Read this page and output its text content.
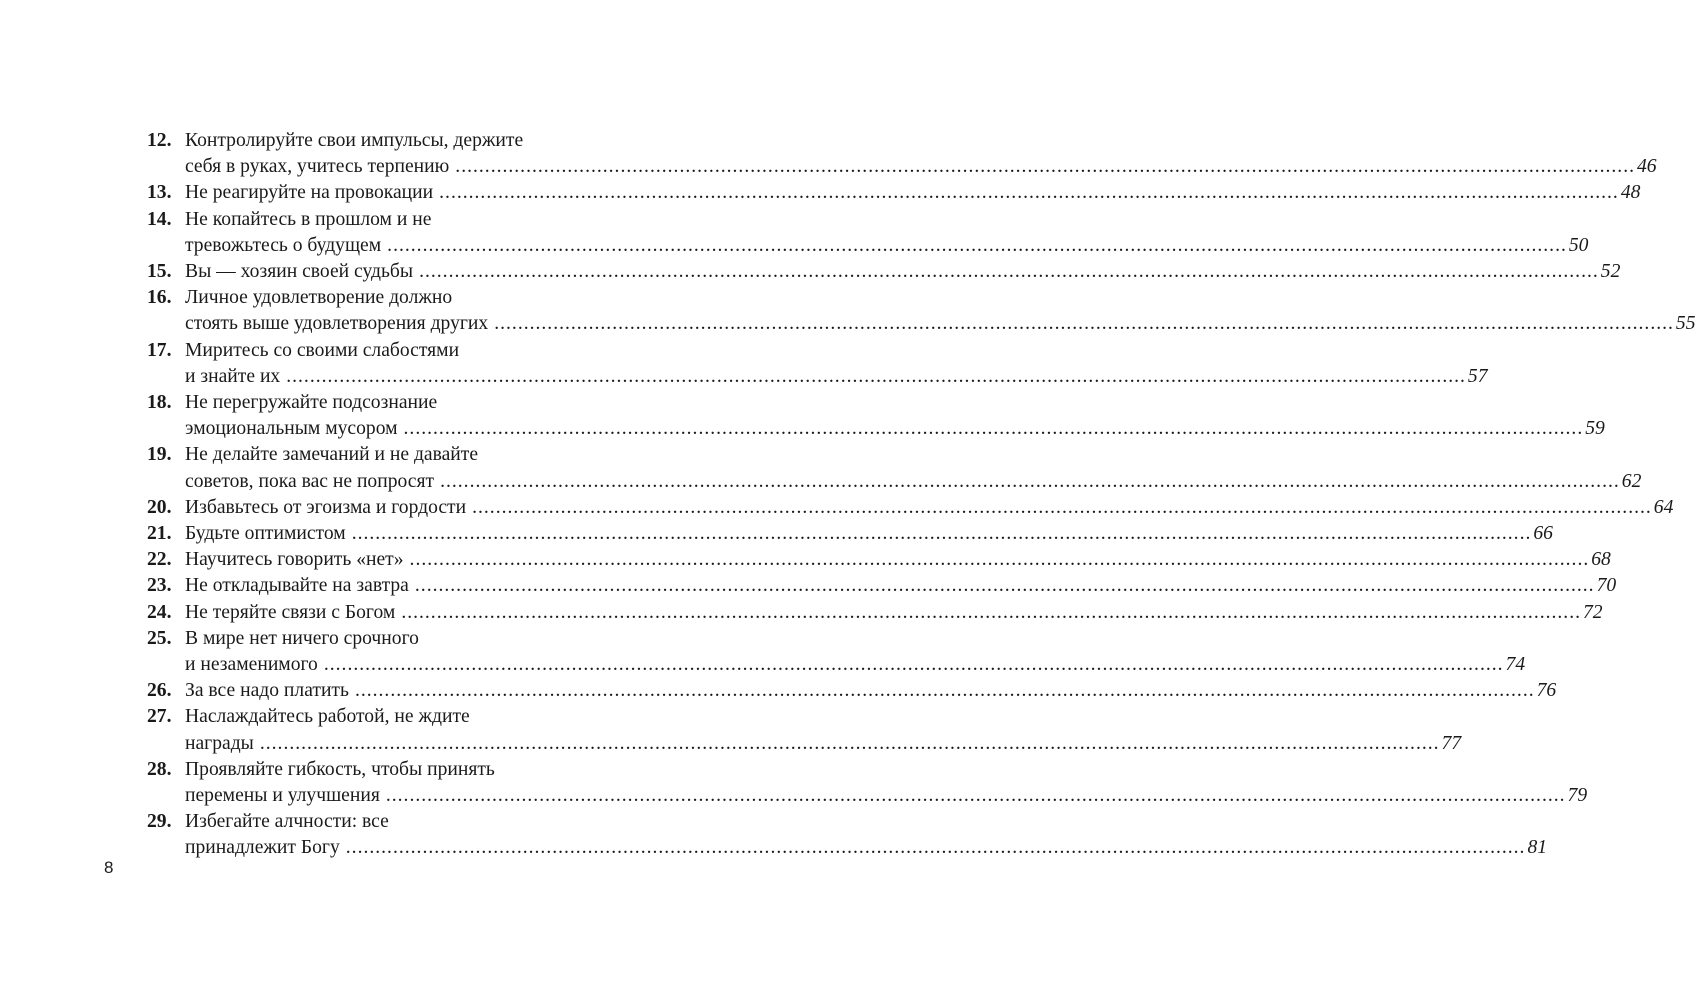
12. Контролируйте свои импульсы, держите
себя в руках, учитесь терпению ........................................................................................................................................................................................................ 46
13. Не реагируйте на провокации ........................................................................................................................................................................................................ 48
14. Не копайтесь в прошлом и не
тревожьтесь о будущем ........................................................................................................................................................................................................ 50
15. Вы — хозяин своей судьбы ........................................................................................................................................................................................................ 52
16. Личное удовлетворение должно
стоять выше удовлетворения других ........................................................................................................................................................................................................ 55
17. Миритесь со своими слабостями
и знайте их ........................................................................................................................................................................................................ 57
18. Не перегружайте подсознание
эмоциональным мусором ........................................................................................................................................................................................................ 59
19. Не делайте замечаний и не давайте
советов, пока вас не попросят ........................................................................................................................................................................................................ 62
20. Избавьтесь от эгоизма и гордости ........................................................................................................................................................................................................ 64
21. Будьте оптимистом ........................................................................................................................................................................................................ 66
22. Научитесь говорить «нет» ........................................................................................................................................................................................................ 68
23. Не откладывайте на завтра ........................................................................................................................................................................................................ 70
24. Не теряйте связи с Богом ........................................................................................................................................................................................................ 72
25. В мире нет ничего срочного
и незаменимого ........................................................................................................................................................................................................ 74
26. За все надо платить ........................................................................................................................................................................................................ 76
27. Наслаждайтесь работой, не ждите
награды ........................................................................................................................................................................................................ 77
28. Проявляйте гибкость, чтобы принять
перемены и улучшения ........................................................................................................................................................................................................ 79
29. Избегайте алчности: все
принадлежит Богу ........................................................................................................................................................................................................ 81
8
